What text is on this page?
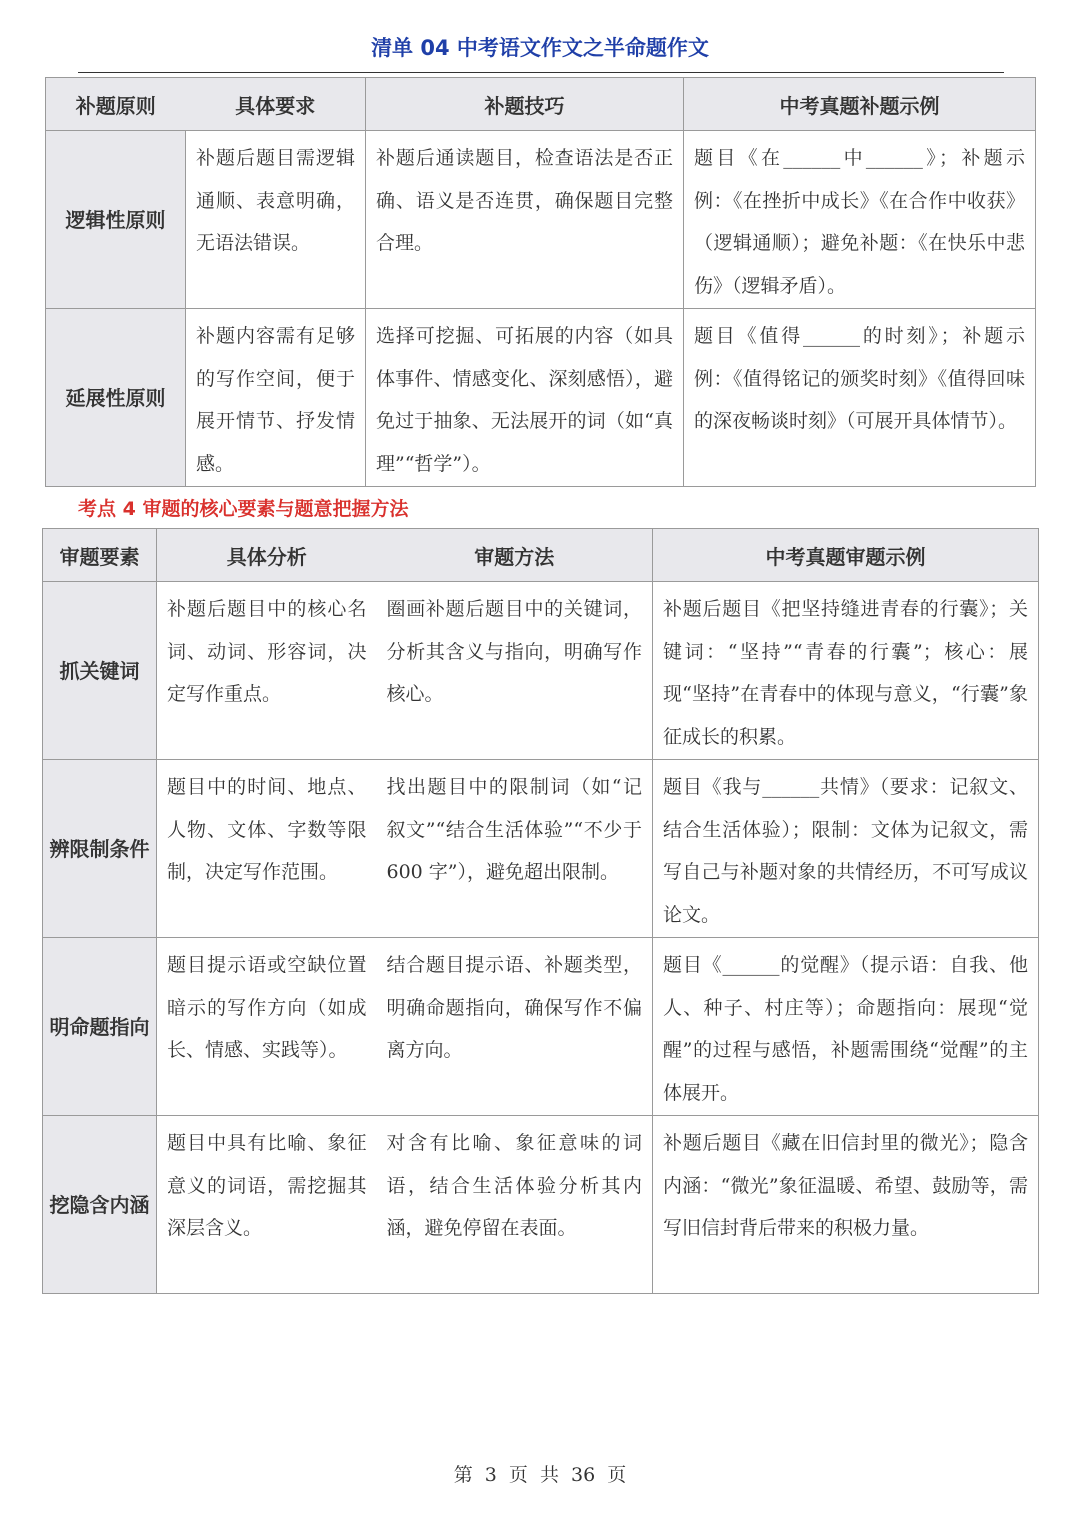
清单 04 中考语文作文之半命题作文
补题原则	具体要求	补题技巧	中考真题补题示例
逻辑性原则	补题后题目需逻辑通顺、表意明确，无语法错误。	补题后通读题目，检查语法是否正确、语义是否连贯，确保题目完整合理。	题目《在______中______》；补题示例：《在挫折中成长》《在合作中收获》（逻辑通顺）；避免补题：《在快乐中悲伤》（逻辑矛盾）。
延展性原则	补题内容需有足够的写作空间，便于展开情节、抒发情感。	选择可挖掘、可拓展的内容（如具体事件、情感变化、深刻感悟），避免过于抽象、无法展开的词（如“真理”“哲学”）。	题目《值得______的时刻》；补题示例：《值得铭记的颁奖时刻》《值得回味的深夜畅谈时刻》（可展开具体情节）。
考点 4 审题的核心要素与题意把握方法
审题要素	具体分析	审题方法	中考真题审题示例
抓关键词	补题后题目中的核心名词、动词、形容词，决定写作重点。	圈画补题后题目中的关键词，分析其含义与指向，明确写作核心。	补题后题目《把坚持缝进青春的行囊》；关键词：“坚持”“青春的行囊”；核心：展现“坚持”在青春中的体现与意义，“行囊”象征成长的积累。
辨限制条件	题目中的时间、地点、人物、文体、字数等限制，决定写作范围。	找出题目中的限制词（如“记叙文”“结合生活体验”“不少于 600 字”），避免超出限制。	题目《我与______共情》（要求：记叙文、结合生活体验）；限制：文体为记叙文，需写自己与补题对象的共情经历，不可写成议论文。
明命题指向	题目提示语或空缺位置暗示的写作方向（如成长、情感、实践等）。	结合题目提示语、补题类型，明确命题指向，确保写作不偏离方向。	题目《______的觉醒》（提示语：自我、他人、种子、村庄等）；命题指向：展现“觉醒”的过程与感悟，补题需围绕“觉醒”的主体展开。
挖隐含内涵	题目中具有比喻、象征意义的词语，需挖掘其深层含义。	对含有比喻、象征意味的词语，结合生活体验分析其内涵，避免停留在表面。	补题后题目《藏在旧信封里的微光》；隐含内涵：“微光”象征温暖、希望、鼓励等，需写旧信封背后带来的积极力量。
第 3 页 共 36 页
